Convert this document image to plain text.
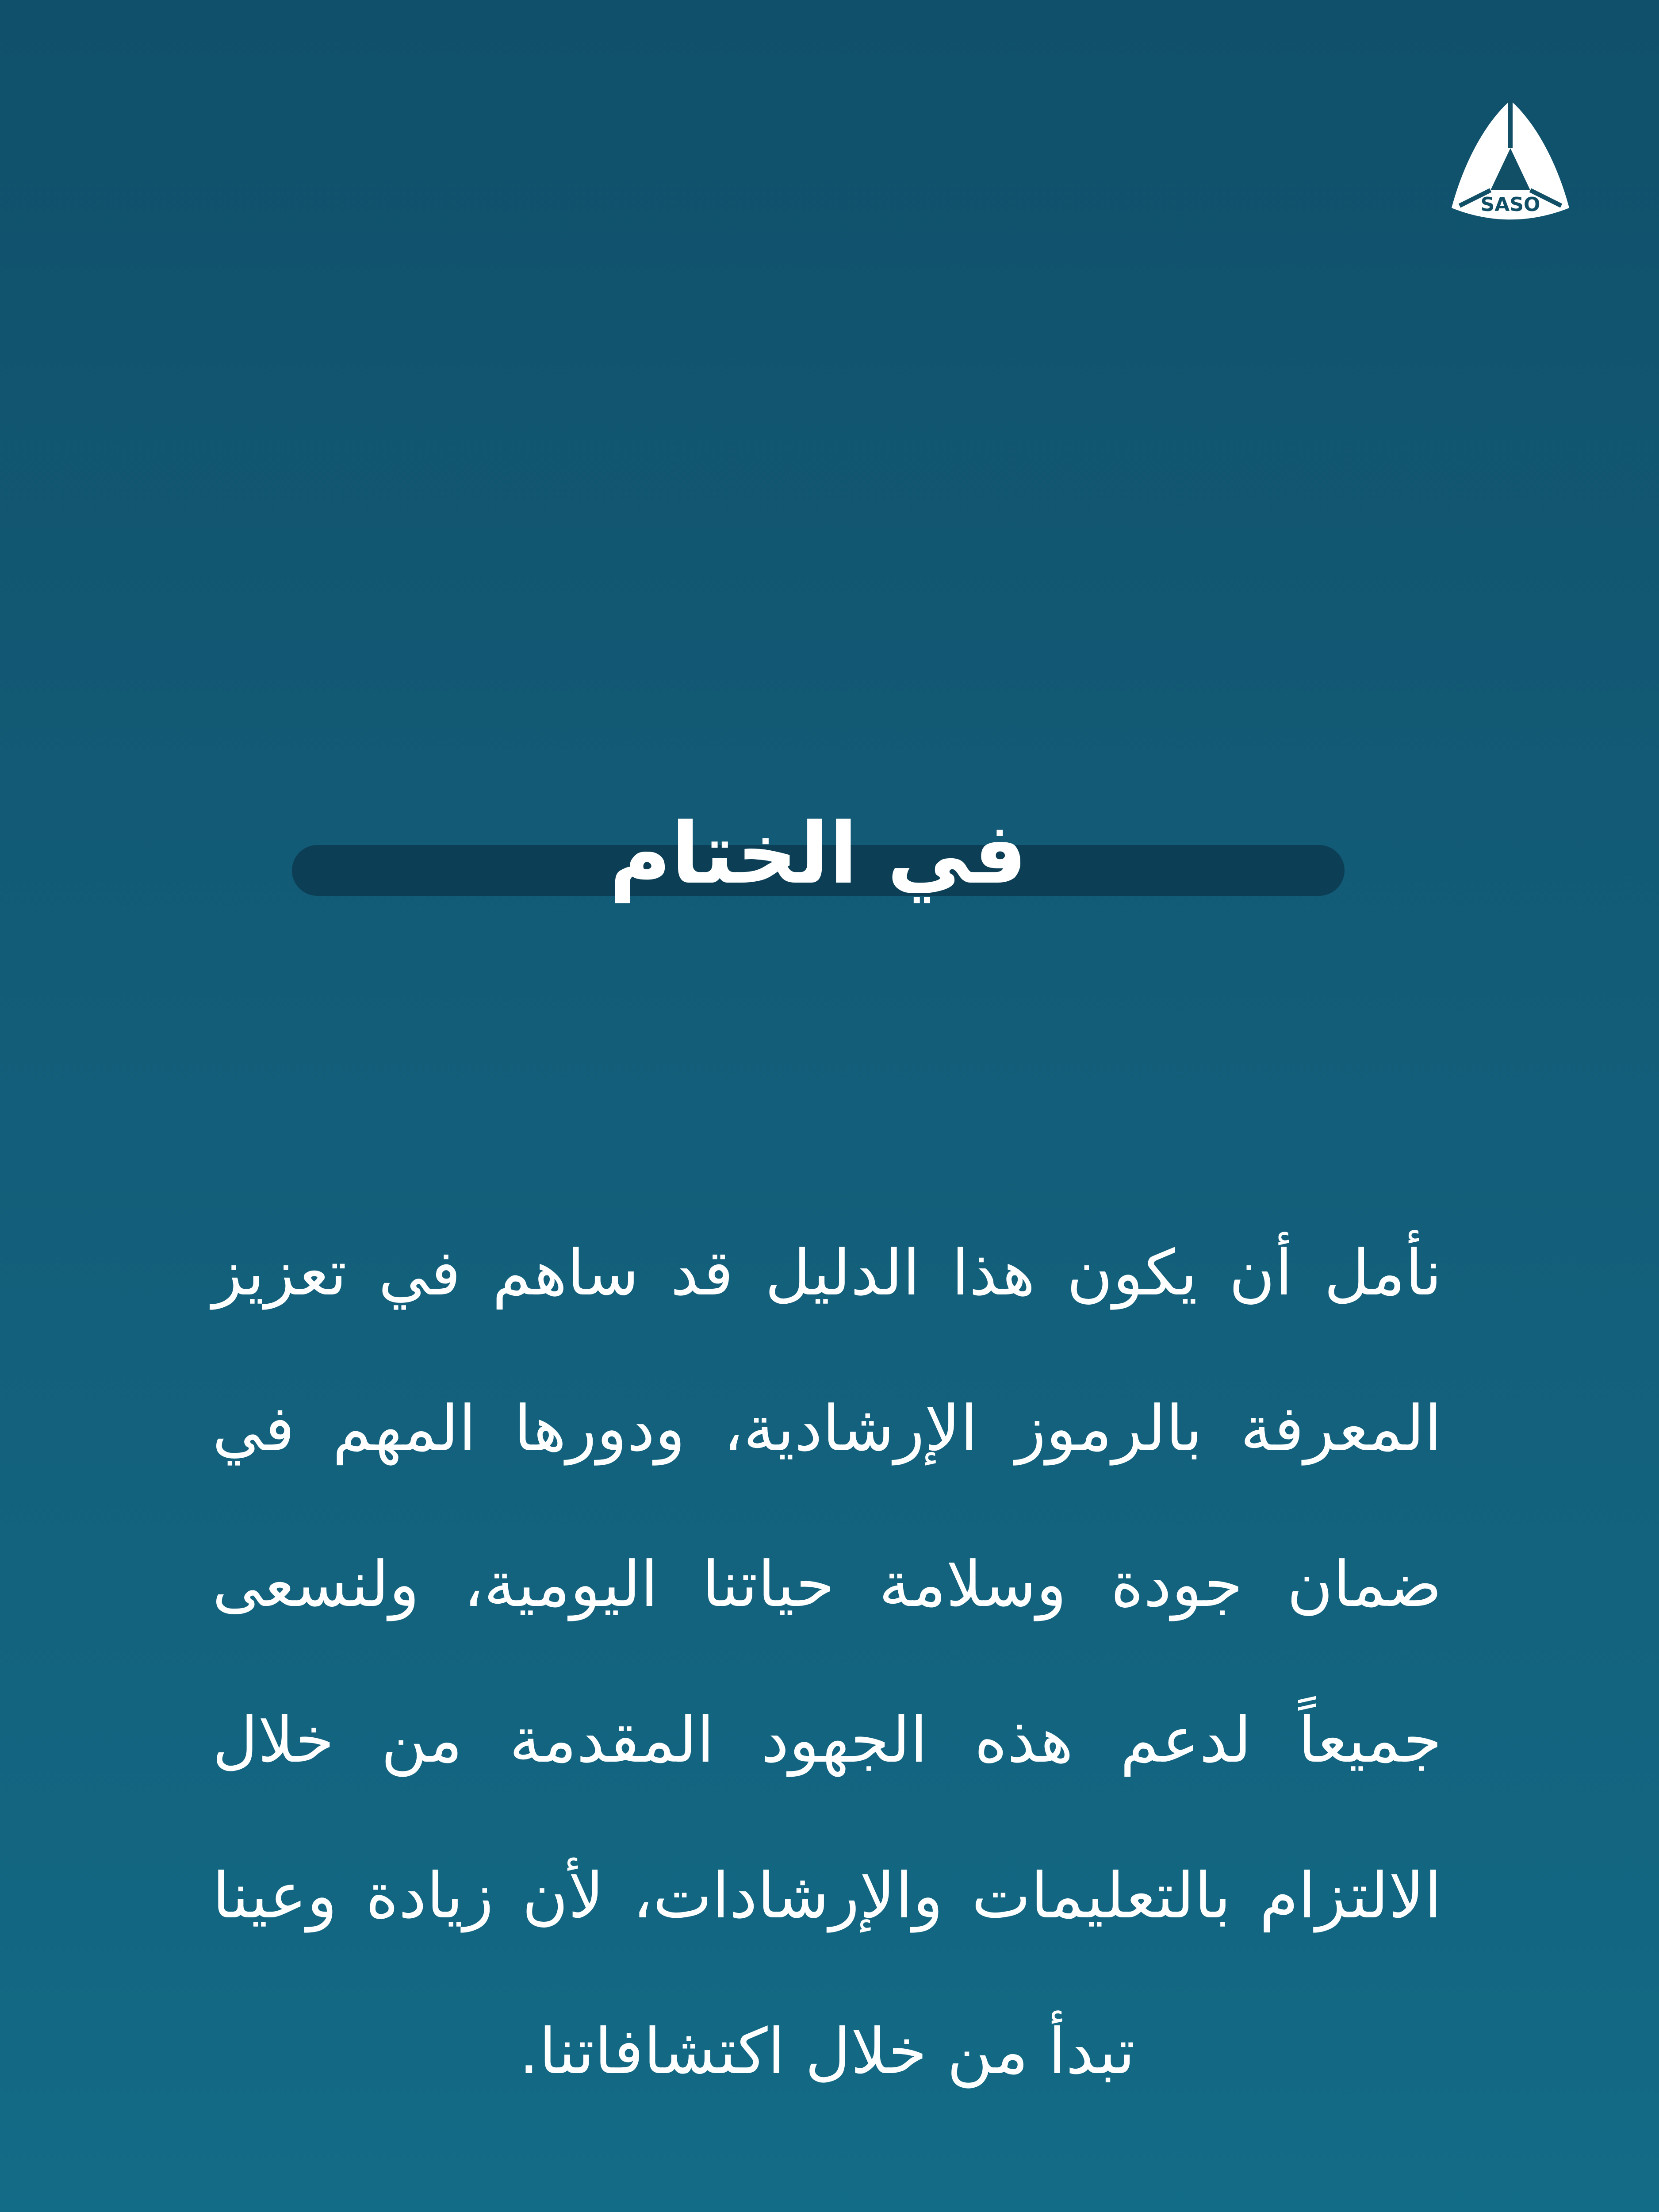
SASO
في الختام

نأمل أن يكون هذا الدليل قد ساهم في تعزيز المعرفة بالرموز الإرشادية، ودورها المهم في ضمان جودة وسلامة حياتنا اليومية، ولنسعى جميعاً لدعم هذه الجهود المقدمة من خلال الالتزام بالتعليمات والإرشادات، لأن زيادة وعينا تبدأ من خلال اكتشافاتنا.
